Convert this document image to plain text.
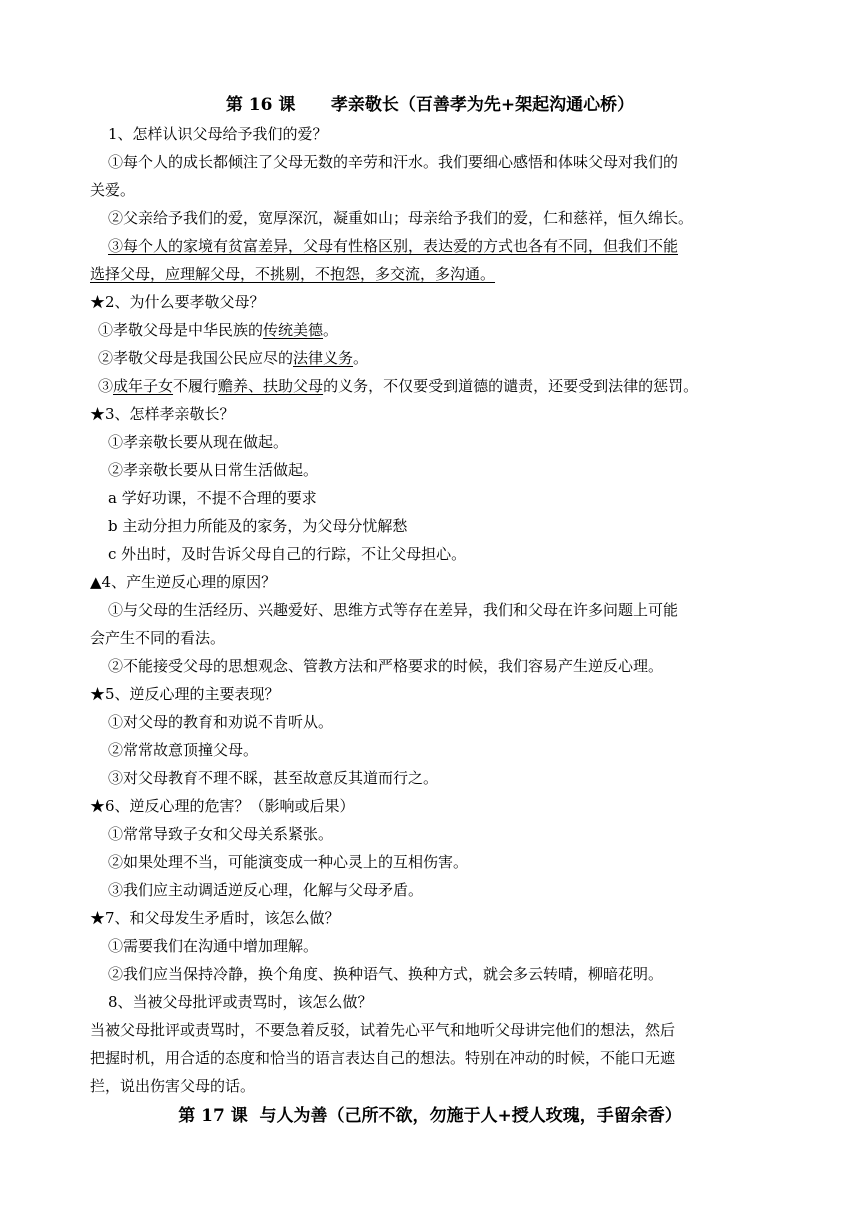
第 16 课      孝亲敬长（百善孝为先+架起沟通心桥）
1、怎样认识父母给予我们的爱？
①每个人的成长都倾注了父母无数的辛劳和汗水。我们要细心感悟和体味父母对我们的
关爱。
②父亲给予我们的爱，宽厚深沉，凝重如山；母亲给予我们的爱，仁和慈祥，恒久绵长。
③每个人的家境有贫富差异，父母有性格区别，表达爱的方式也各有不同，但我们不能
选择父母，应理解父母，不挑剔，不抱怨，多交流，多沟通。
★2、为什么要孝敬父母？
①孝敬父母是中华民族的传统美德。
②孝敬父母是我国公民应尽的法律义务。
③成年子女不履行赡养、扶助父母的义务，不仅要受到道德的谴责，还要受到法律的惩罚。
★3、怎样孝亲敬长？
①孝亲敬长要从现在做起。
②孝亲敬长要从日常生活做起。
a 学好功课，不提不合理的要求
b 主动分担力所能及的家务，为父母分忧解愁
c 外出时，及时告诉父母自己的行踪，不让父母担心。
▲4、产生逆反心理的原因？
①与父母的生活经历、兴趣爱好、思维方式等存在差异，我们和父母在许多问题上可能
会产生不同的看法。
②不能接受父母的思想观念、管教方法和严格要求的时候，我们容易产生逆反心理。
★5、逆反心理的主要表现？
①对父母的教育和劝说不肯听从。
②常常故意顶撞父母。
③对父母教育不理不睬，甚至故意反其道而行之。
★6、逆反心理的危害？（影响或后果）
①常常导致子女和父母关系紧张。
②如果处理不当，可能演变成一种心灵上的互相伤害。
③我们应主动调适逆反心理，化解与父母矛盾。
★7、和父母发生矛盾时，该怎么做？
①需要我们在沟通中增加理解。
②我们应当保持冷静，换个角度、换种语气、换种方式，就会多云转晴，柳暗花明。
8、当被父母批评或责骂时，该怎么做？
当被父母批评或责骂时，不要急着反驳，试着先心平气和地听父母讲完他们的想法，然后
把握时机，用合适的态度和恰当的语言表达自己的想法。特别在冲动的时候，不能口无遮
拦，说出伤害父母的话。
第 17 课  与人为善（己所不欲，勿施于人+授人玫瑰，手留余香）
